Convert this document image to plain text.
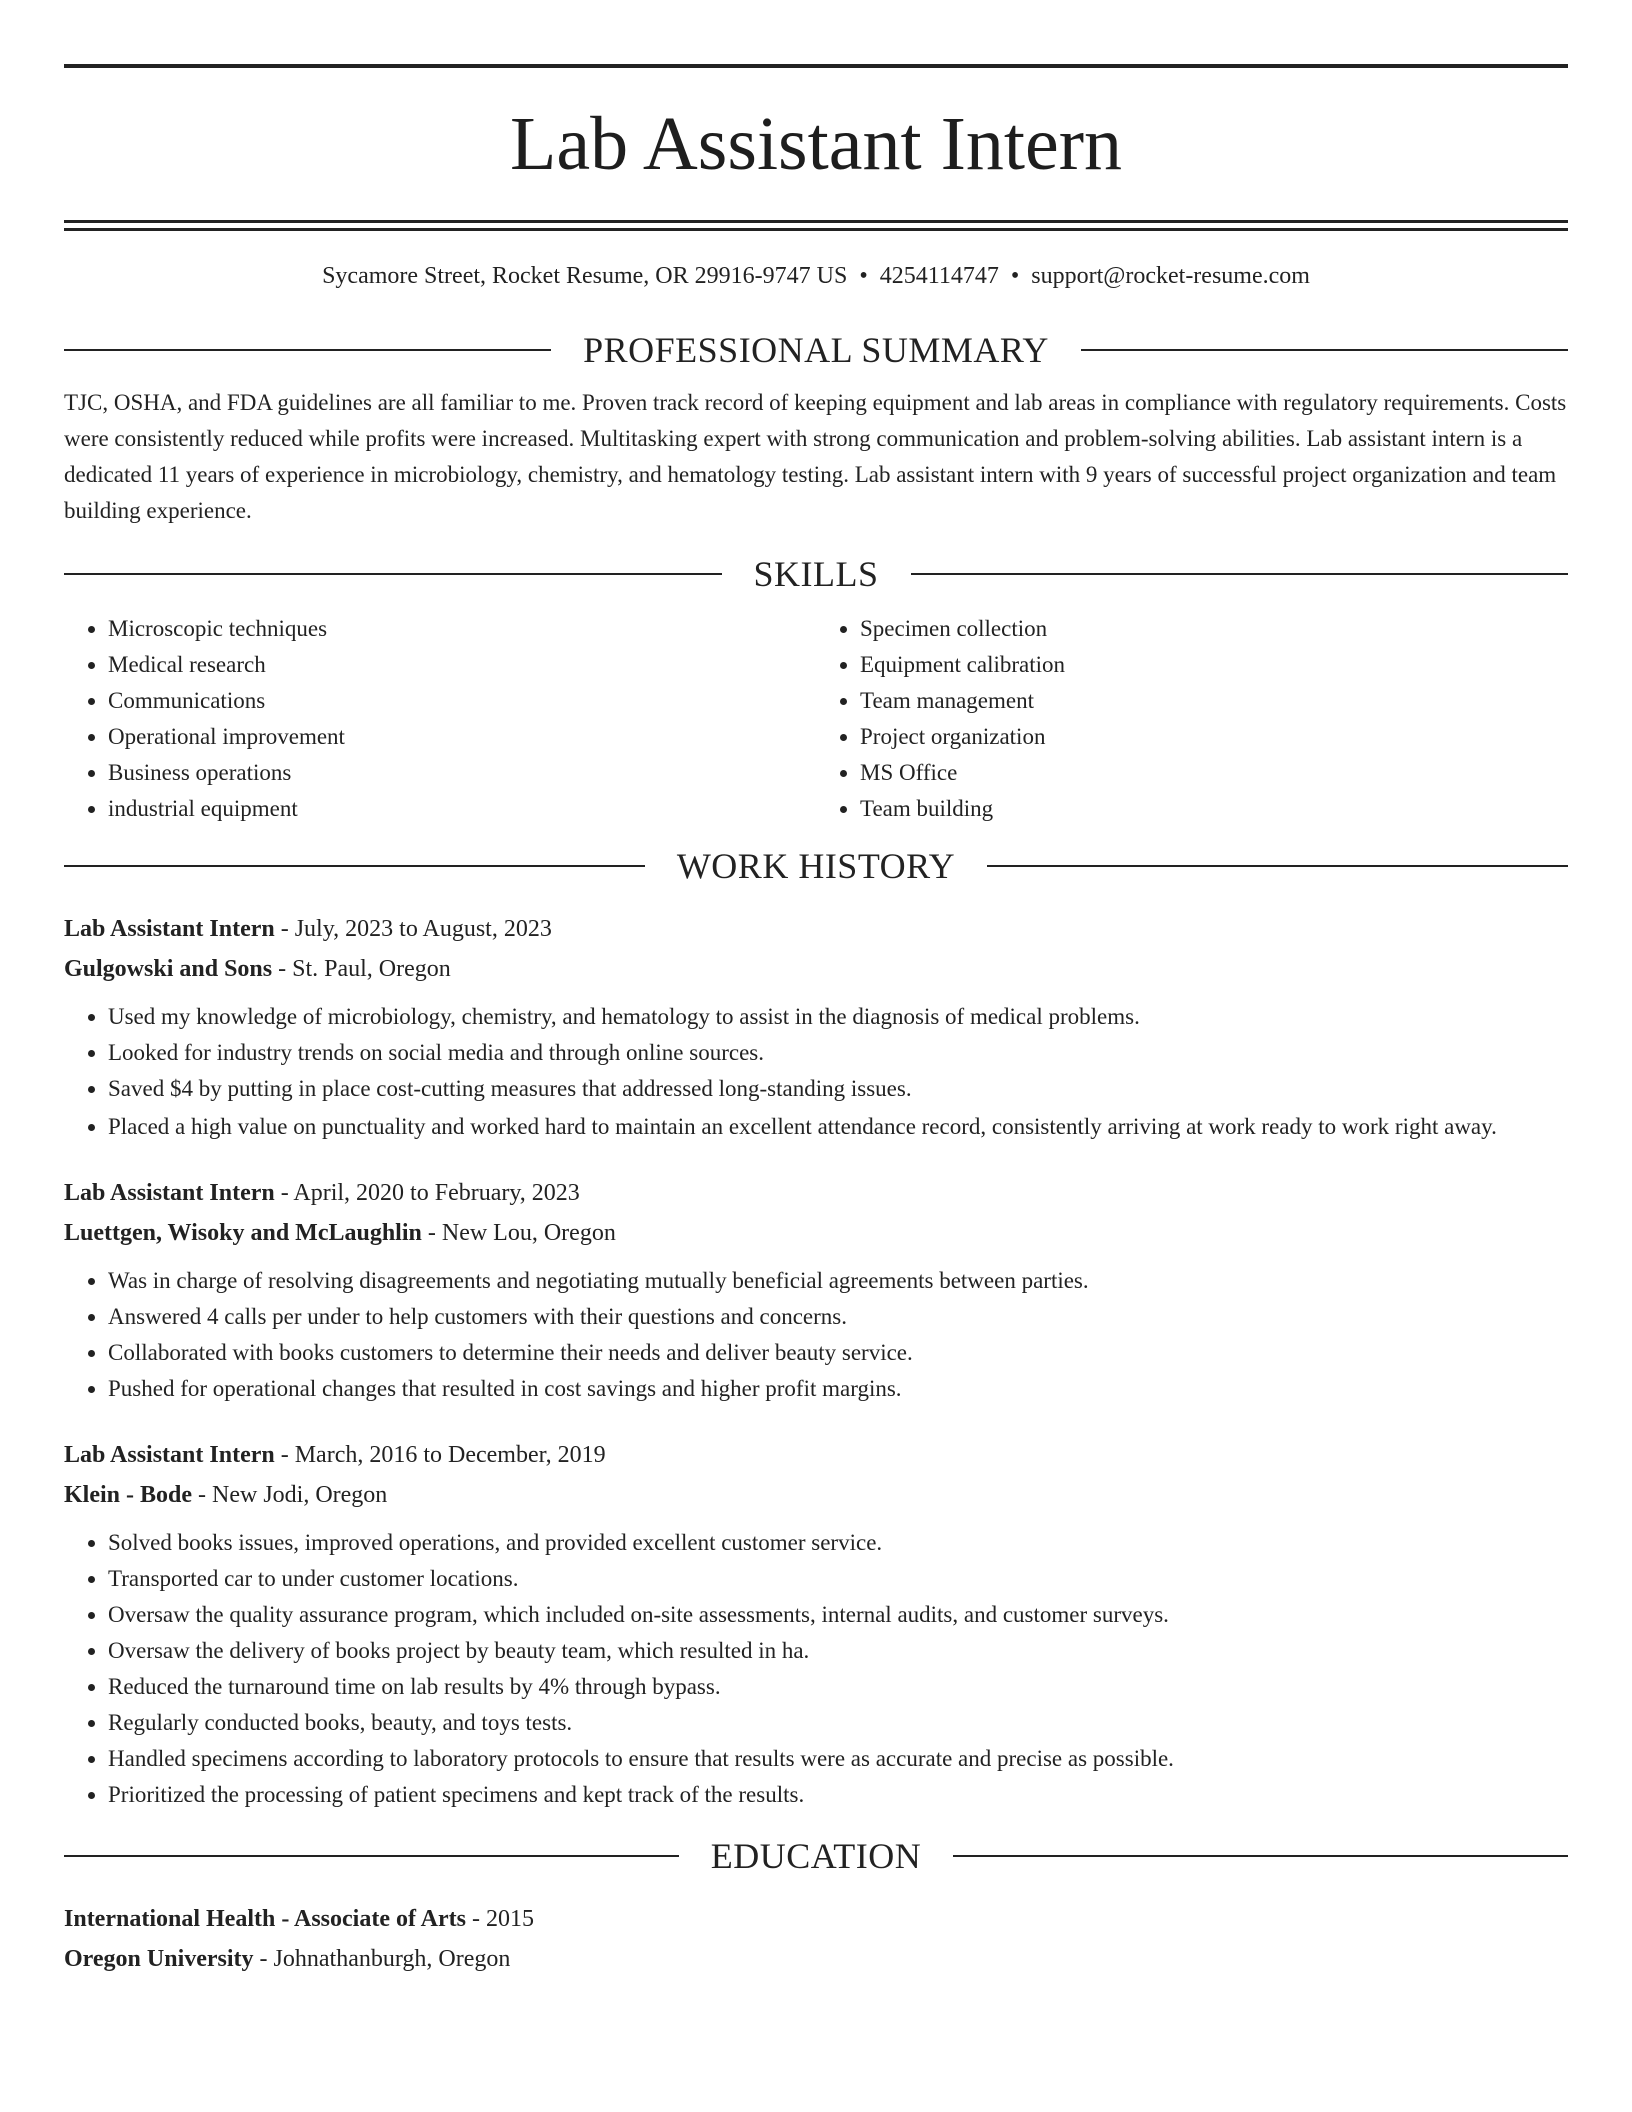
Lab Assistant Intern
Sycamore Street, Rocket Resume, OR 29916-9747 US • 4254114747 • support@rocket-resume.com
PROFESSIONAL SUMMARY

TJC, OSHA, and FDA guidelines are all familiar to me. Proven track record of keeping equipment and lab areas in compliance with regulatory requirements. Costs were consistently reduced while profits were increased. Multitasking expert with strong communication and problem-solving abilities. Lab assistant intern is a dedicated 11 years of experience in microbiology, chemistry, and hematology testing. Lab assistant intern with 9 years of successful project organization and team building experience.

SKILLS
• Microscopic techniques
• Medical research
• Communications
• Operational improvement
• Business operations
• industrial equipment
• Specimen collection
• Equipment calibration
• Team management
• Project organization
• MS Office
• Team building
WORK HISTORY
Lab Assistant Intern - July, 2023 to August, 2023
Gulgowski and Sons - St. Paul, Oregon
• Used my knowledge of microbiology, chemistry, and hematology to assist in the diagnosis of medical problems.
• Looked for industry trends on social media and through online sources.
• Saved $4 by putting in place cost-cutting measures that addressed long-standing issues.
• Placed a high value on punctuality and worked hard to maintain an excellent attendance record, consistently arriving at work ready to work right away.
Lab Assistant Intern - April, 2020 to February, 2023
Luettgen, Wisoky and McLaughlin - New Lou, Oregon
• Was in charge of resolving disagreements and negotiating mutually beneficial agreements between parties.
• Answered 4 calls per under to help customers with their questions and concerns.
• Collaborated with books customers to determine their needs and deliver beauty service.
• Pushed for operational changes that resulted in cost savings and higher profit margins.
Lab Assistant Intern - March, 2016 to December, 2019
Klein - Bode - New Jodi, Oregon
• Solved books issues, improved operations, and provided excellent customer service.
• Transported car to under customer locations.
• Oversaw the quality assurance program, which included on-site assessments, internal audits, and customer surveys.
• Oversaw the delivery of books project by beauty team, which resulted in ha.
• Reduced the turnaround time on lab results by 4% through bypass.
• Regularly conducted books, beauty, and toys tests.
• Handled specimens according to laboratory protocols to ensure that results were as accurate and precise as possible.
• Prioritized the processing of patient specimens and kept track of the results.
EDUCATION
International Health - Associate of Arts - 2015
Oregon University - Johnathanburgh, Oregon
